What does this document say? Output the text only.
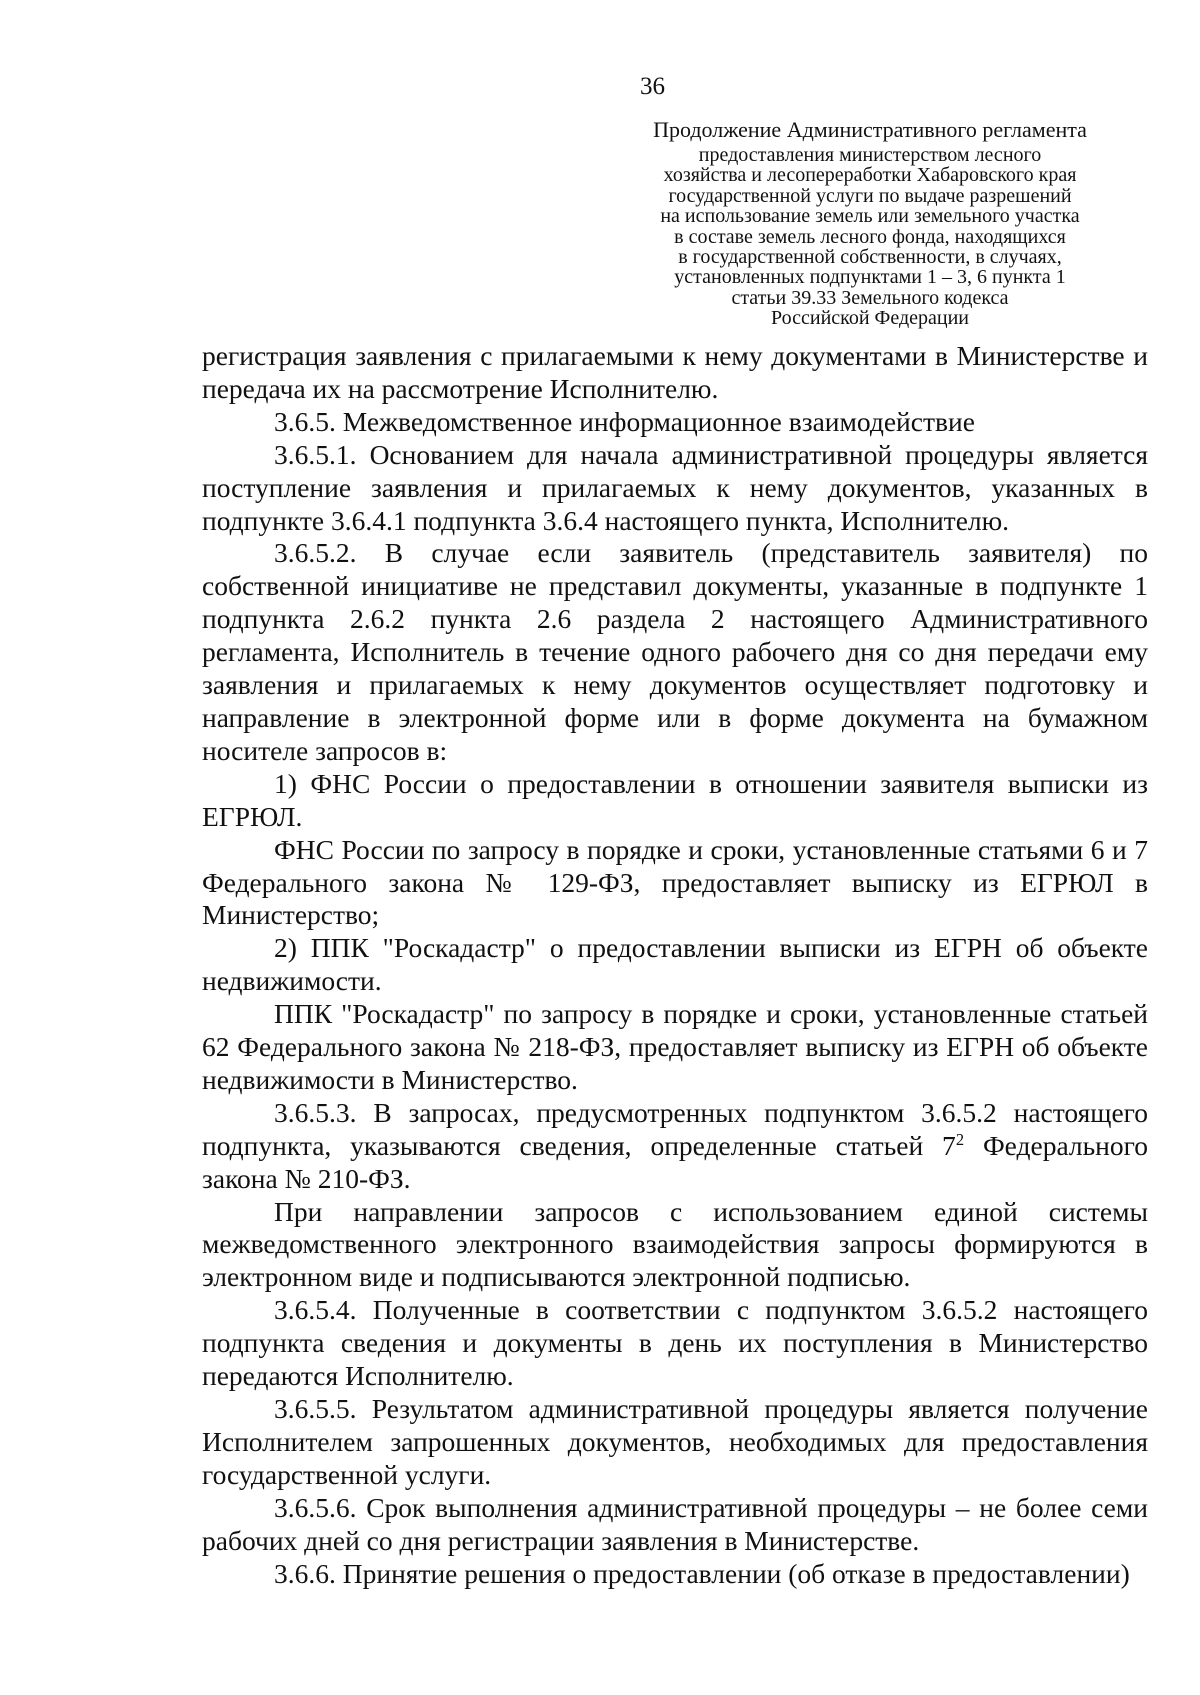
36
Продолжение Административного регламента
предоставления министерством лесного
хозяйства и лесопереработки Хабаровского края
государственной услуги по выдаче разрешений
на использование земель или земельного участка
в составе земель лесного фонда, находящихся
в государственной собственности, в случаях,
установленных подпунктами 1 – 3, 6 пункта 1
статьи 39.33 Земельного кодекса
Российской Федерации

регистрация заявления с прилагаемыми к нему документами в Министерстве и передача их на рассмотрение Исполнителю.

3.6.5. Межведомственное информационное взаимодействие

3.6.5.1. Основанием для начала административной процедуры является поступление заявления и прилагаемых к нему документов, указанных в подпункте 3.6.4.1 подпункта 3.6.4 настоящего пункта, Исполнителю.

3.6.5.2. В случае если заявитель (представитель заявителя) по собственной инициативе не представил документы, указанные в подпункте 1 подпункта 2.6.2 пункта 2.6 раздела 2 настоящего Административного регламента, Исполнитель в течение одного рабочего дня со дня передачи ему заявления и прилагаемых к нему документов осуществляет подготовку и направление в электронной форме или в форме документа на бумажном носителе запросов в:

1) ФНС России о предоставлении в отношении заявителя выписки из ЕГРЮЛ.

ФНС России по запросу в порядке и сроки, установленные статьями 6 и 7 Федерального закона № 129-ФЗ, предоставляет выписку из ЕГРЮЛ в Министерство;

2) ППК "Роскадастр" о предоставлении выписки из ЕГРН об объекте недвижимости.

ППК "Роскадастр" по запросу в порядке и сроки, установленные статьей 62 Федерального закона № 218-ФЗ, предоставляет выписку из ЕГРН об объекте недвижимости в Министерство.

3.6.5.3. В запросах, предусмотренных подпунктом 3.6.5.2 настоящего подпункта, указываются сведения, определенные статьей $7^2$ Федерального закона № 210-ФЗ.

При направлении запросов с использованием единой системы межведомственного электронного взаимодействия запросы формируются в электронном виде и подписываются электронной подписью.

3.6.5.4. Полученные в соответствии с подпунктом 3.6.5.2 настоящего подпункта сведения и документы в день их поступления в Министерство передаются Исполнителю.

3.6.5.5. Результатом административной процедуры является получение Исполнителем запрошенных документов, необходимых для предоставления государственной услуги.

3.6.5.6. Срок выполнения административной процедуры – не более семи рабочих дней со дня регистрации заявления в Министерстве.

3.6.6. Принятие решения о предоставлении (об отказе в предоставлении)
